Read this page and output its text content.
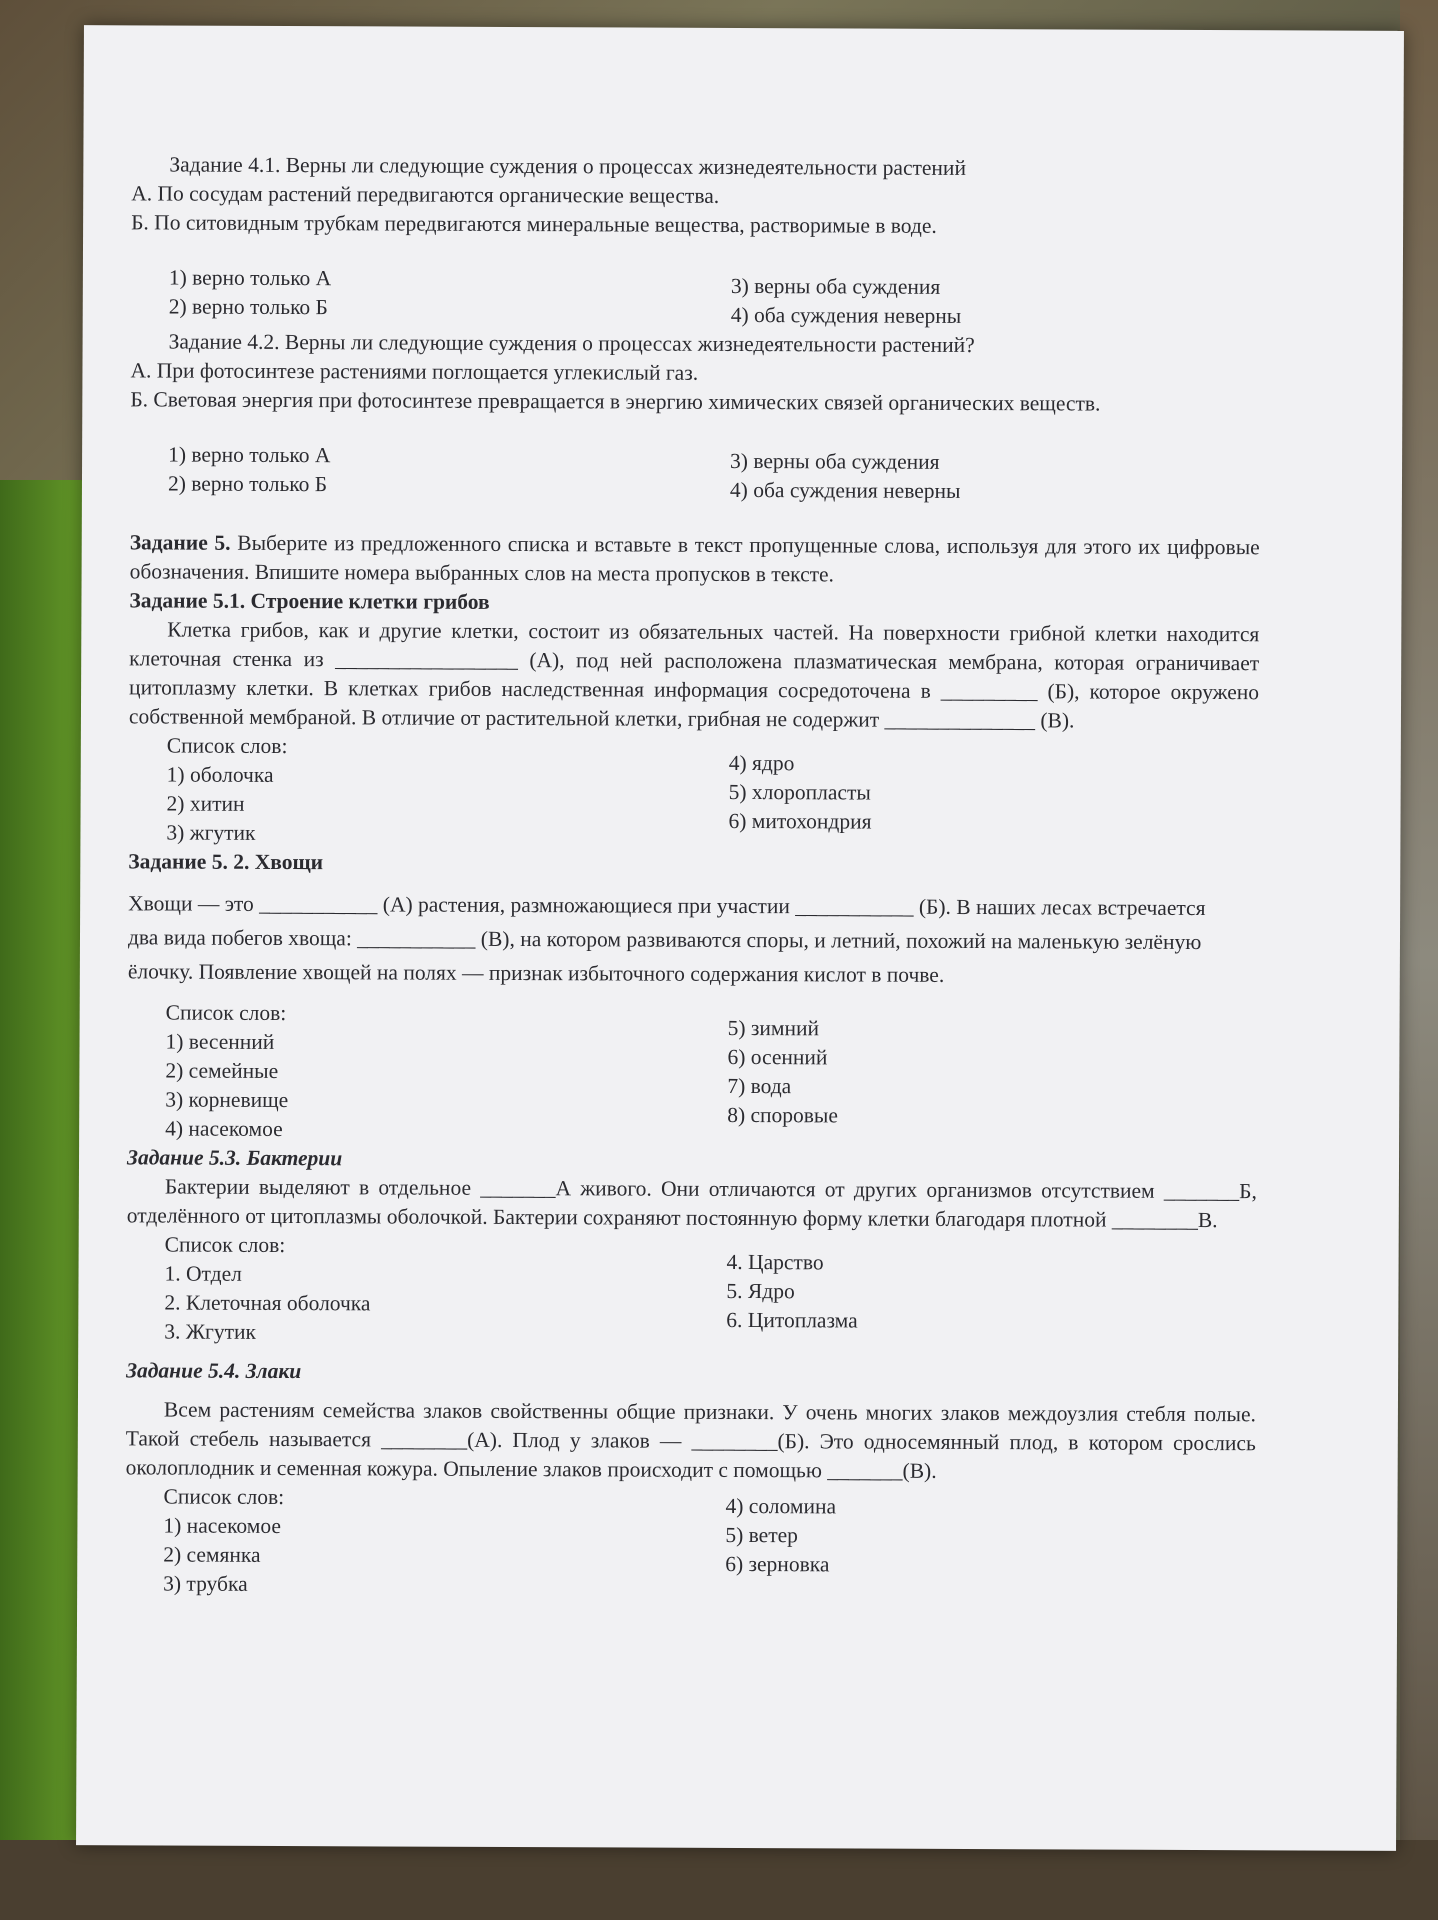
Задание 4.1. Верны ли следующие суждения о процессах жизнедеятельности растений

А. По сосудам растений передвигаются органические вещества.

Б. По ситовидным трубкам передвигаются минеральные вещества, растворимые в воде.

1) верно только А

2) верно только Б

3) верны оба суждения

4) оба суждения неверны

Задание 4.2. Верны ли следующие суждения о процессах жизнедеятельности растений?

А. При фотосинтезе растениями поглощается углекислый газ.

Б. Световая энергия при фотосинтезе превращается в энергию химических связей органических веществ.

1) верно только А

2) верно только Б

3) верны оба суждения

4) оба суждения неверны

Задание 5. Выберите из предложенного списка и вставьте в текст пропущенные слова, используя для этого их цифровые обозначения. Впишите номера выбранных слов на места пропусков в тексте.

Задание 5.1. Строение клетки грибов

Клетка грибов, как и другие клетки, состоит из обязательных частей. На поверхности грибной клетки находится клеточная стенка из _________________ (А), под ней расположена плазматическая мембрана, которая ограничивает цитоплазму клетки. В клетках грибов наследственная информация сосредоточена в _________ (Б), которое окружено собственной мембраной. В отличие от растительной клетки, грибная не содержит ______________ (В).

Список слов:

1) оболочка

2) хитин

3) жгутик

4) ядро

5) хлоропласты

6) митохондрия

Задание 5. 2. Хвощи

Хвощи — это ___________ (А) растения, размножающиеся при участии ___________ (Б). В наших лесах встречается два вида побегов хвоща: ___________ (В), на котором развиваются споры, и летний, похожий на маленькую зелёную ёлочку. Появление хвощей на полях — признак избыточного содержания кислот в почве.

Список слов:

1) весенний

2) семейные

3) корневище

4) насекомое

5) зимний

6) осенний

7) вода

8) споровые

Задание 5.3. Бактерии

Бактерии выделяют в отдельное _______А живого. Они отличаются от других организмов отсутствием _______Б, отделённого от цитоплазмы оболочкой. Бактерии сохраняют постоянную форму клетки благодаря плотной ________В.

Список слов:

1. Отдел

2. Клеточная оболочка

3. Жгутик

4. Царство

5. Ядро

6. Цитоплазма

Задание 5.4. Злаки

Всем растениям семейства злаков свойственны общие признаки. У очень многих злаков междоузлия стебля полые. Такой стебель называется ________(А). Плод у злаков — ________(Б). Это односемянный плод, в котором срослись околоплодник и семенная кожура. Опыление злаков происходит с помощью _______(В).

Список слов:

1) насекомое

2) семянка

3) трубка

4) соломина

5) ветер

6) зерновка
